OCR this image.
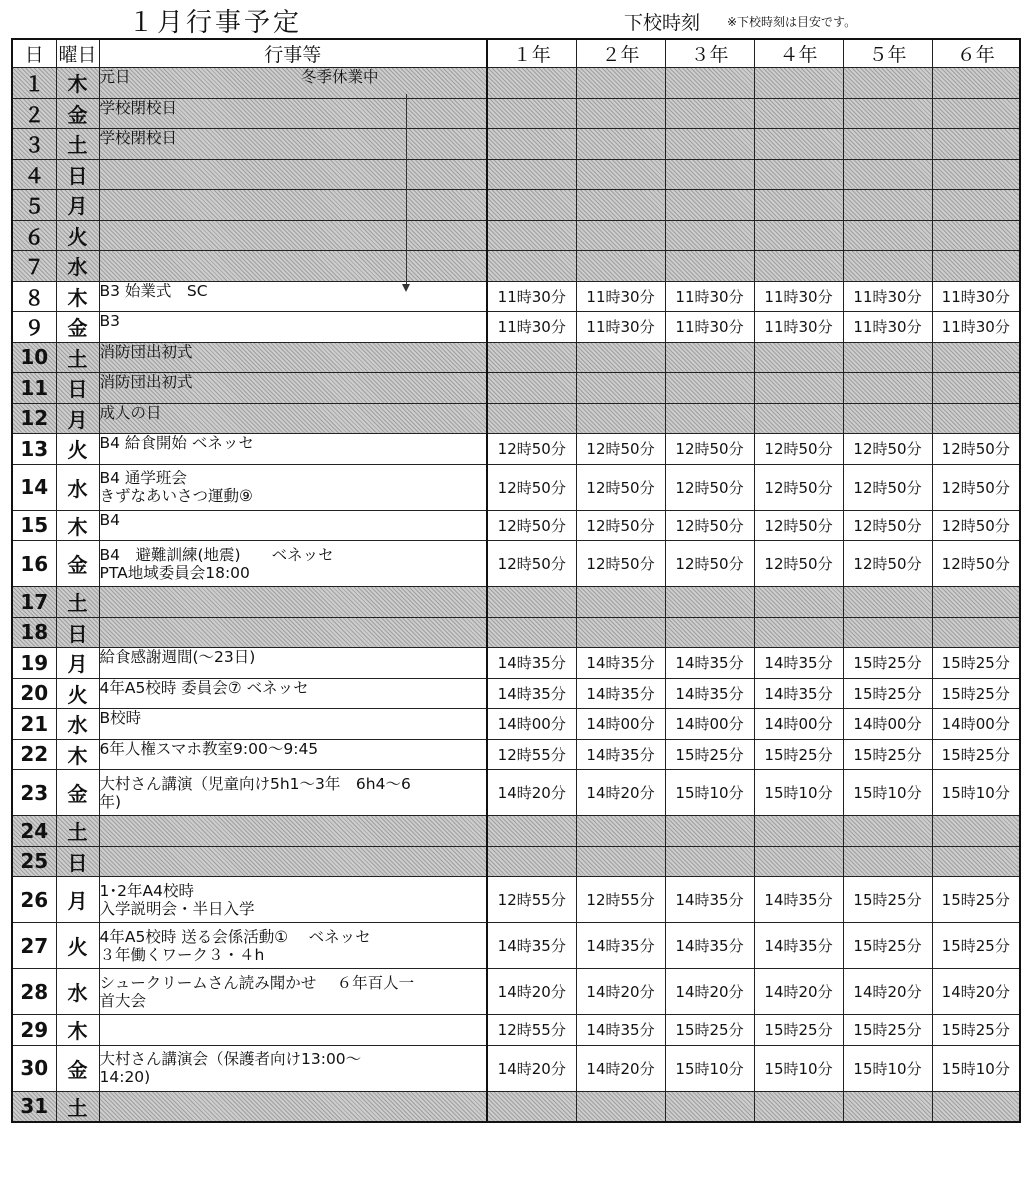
１月行事予定	下校時刻 ※下校時刻は目安です。
日	曜日	行事等	１年	２年	３年	４年	５年	６年
１	木	元日　　　　　　　　　　　冬季休業中						

２	金	学校閉校日						

３	土	学校閉校日						

４	日	

５	月	

６	火	

７	水	

８	木	B3 始業式　SC	11時30分	11時30分	11時30分	11時30分	11時30分	11時30分
９	金	B3	11時30分	11時30分	11時30分	11時30分	11時30分	11時30分
10	土	消防団出初式						

11	日	消防団出初式						

12	月	成人の日						

13	火	B4 給食開始 ベネッセ	12時50分	12時50分	12時50分	12時50分	12時50分	12時50分
14	水	B4 通学班会
きずなあいさつ運動⑨	12時50分	12時50分	12時50分	12時50分	12時50分	12時50分
15	木	B4	12時50分	12時50分	12時50分	12時50分	12時50分	12時50分
16	金	B4　避難訓練(地震)　　ベネッセ
PTA地域委員会18:00	12時50分	12時50分	12時50分	12時50分	12時50分	12時50分
17	土	

18	日	

19	月	給食感謝週間(～23日)	14時35分	14時35分	14時35分	14時35分	15時25分	15時25分
20	火	4年A5校時 委員会⑦ ベネッセ	14時35分	14時35分	14時35分	14時35分	15時25分	15時25分
21	水	B校時	14時00分	14時00分	14時00分	14時00分	14時00分	14時00分
22	木	6年人権スマホ教室9:00～9:45	12時55分	14時35分	15時25分	15時25分	15時25分	15時25分
23	金	大村さん講演（児童向け5h1～3年　6h4～6
年)	14時20分	14時20分	15時10分	15時10分	15時10分	15時10分
24	土	

25	日	

26	月	1･2年A4校時
入学説明会・半日入学	12時55分	12時55分	14時35分	14時35分	15時25分	15時25分
27	火	4年A5校時 送る会係活動①　 ベネッセ
３年働くワーク３・４h	14時35分	14時35分	14時35分	14時35分	15時25分	15時25分
28	水	シュークリームさん読み聞かせ　 ６年百人一
首大会	14時20分	14時20分	14時20分	14時20分	14時20分	14時20分
29	木		12時55分	14時35分	15時25分	15時25分	15時25分	15時25分
30	金	大村さん講演会（保護者向け13:00～
14:20)	14時20分	14時20分	15時10分	15時10分	15時10分	15時10分
31	土	
